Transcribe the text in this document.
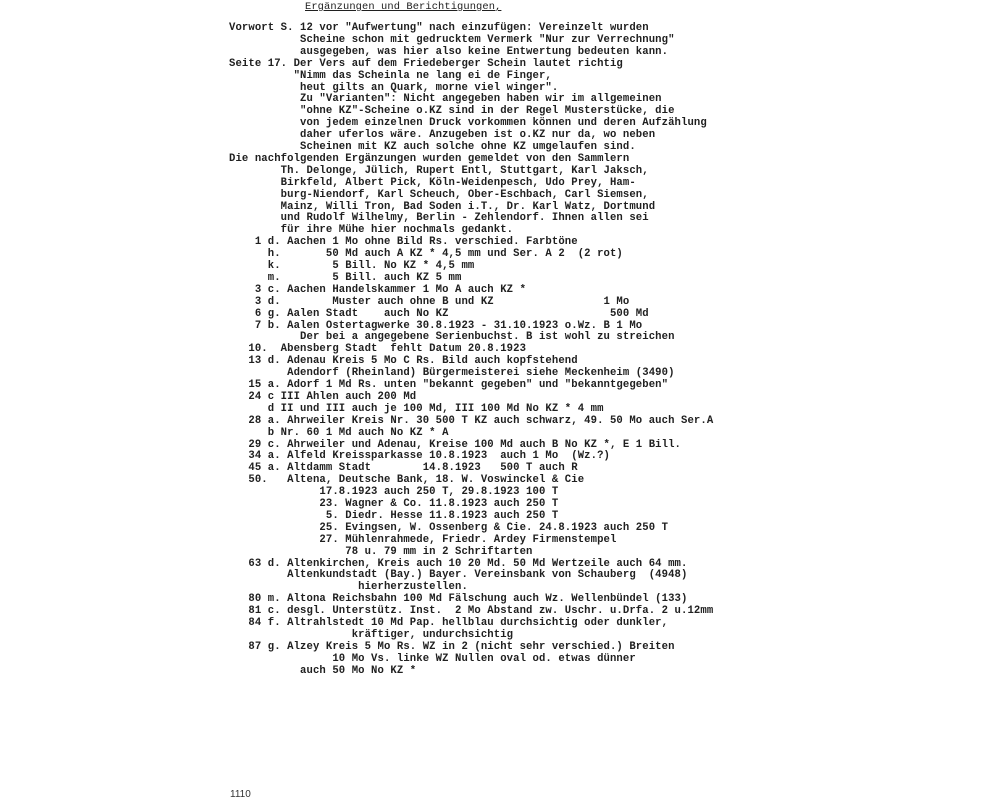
Ergänzungen und Berichtigungen,
Vorwort S. 12 vor "Aufwertung" nach einzufügen: Vereinzelt wurden
Scheine schon mit gedrucktem Vermerk "Nur zur Verrechnung"
ausgegeben, was hier also keine Entwertung bedeuten kann.
Seite 17. Der Vers auf dem Friedeberger Schein lautet richtig
"Nimm das Scheinla ne lang ei de Finger,
heut gilts an Quark, morne viel winger".
Zu "Varianten": Nicht angegeben haben wir im allgemeinen
"ohne KZ"-Scheine o.KZ sind in der Regel Musterstücke, die
von jedem einzelnen Druck vorkommen können und deren Aufzählung
daher uferlos wäre. Anzugeben ist o.KZ nur da, wo neben
Scheinen mit KZ auch solche ohne KZ umgelaufen sind.
Die nachfolgenden Ergänzungen wurden gemeldet von den Sammlern
Th. Delonge, Jülich, Rupert Entl, Stuttgart, Karl Jaksch,
Birkfeld, Albert Pick, Köln-Weidenpesch, Udo Prey, Ham-
burg-Niendorf, Karl Scheuch, Ober-Eschbach, Carl Siemsen,
Mainz, Willi Tron, Bad Soden i.T., Dr. Karl Watz, Dortmund
und Rudolf Wilhelmy, Berlin - Zehlendorf. Ihnen allen sei
für ihre Mühe hier nochmals gedankt.
1 d. Aachen 1 Mo ohne Bild Rs. verschied. Farbtöne
h.       50 Md auch A KZ * 4,5 mm und Ser. A 2  (2 rot)
k.        5 Bill. No KZ * 4,5 mm
m.        5 Bill. auch KZ 5 mm
3 c. Aachen Handelskammer 1 Mo A auch KZ *
3 d.        Muster auch ohne B und KZ                 1 Mo
6 g. Aalen Stadt    auch No KZ                         500 Md
7 b. Aalen Ostertagwerke 30.8.1923 - 31.10.1923 o.Wz. B 1 Mo
Der bei a angegebene Serienbuchst. B ist wohl zu streichen
10.  Abensberg Stadt  fehlt Datum 20.8.1923
13 d. Adenau Kreis 5 Mo C Rs. Bild auch kopfstehend
Adendorf (Rheinland) Bürgermeisterei siehe Meckenheim (3490)
15 a. Adorf 1 Md Rs. unten "bekannt gegeben" und "bekanntgegeben"
24 c III Ahlen auch 200 Md
d II und III auch je 100 Md, III 100 Md No KZ * 4 mm
28 a. Ahrweiler Kreis Nr. 30 500 T KZ auch schwarz, 49. 50 Mo auch Ser.A
b Nr. 60 1 Md auch No KZ * A
29 c. Ahrweiler und Adenau, Kreise 100 Md auch B No KZ *, E 1 Bill.
34 a. Alfeld Kreissparkasse 10.8.1923  auch 1 Mo  (Wz.?)
45 a. Altdamm Stadt        14.8.1923   500 T auch R
50.   Altena, Deutsche Bank, 18. W. Voswinckel & Cie
17.8.1923 auch 250 T, 29.8.1923 100 T
23. Wagner & Co. 11.8.1923 auch 250 T
5. Diedr. Hesse 11.8.1923 auch 250 T
25. Evingsen, W. Ossenberg & Cie. 24.8.1923 auch 250 T
27. Mühlenrahmede, Friedr. Ardey Firmenstempel
78 u. 79 mm in 2 Schriftarten
63 d. Altenkirchen, Kreis auch 10 20 Md. 50 Md Wertzeile auch 64 mm.
Altenkundstadt (Bay.) Bayer. Vereinsbank von Schauberg  (4948)
hierherzustellen.
80 m. Altona Reichsbahn 100 Md Fälschung auch Wz. Wellenbündel (133)
81 c. desgl. Unterstütz. Inst.  2 Mo Abstand zw. Uschr. u.Drfa. 2 u.12mm
84 f. Altrahlstedt 10 Md Pap. hellblau durchsichtig oder dunkler,
kräftiger, undurchsichtig
87 g. Alzey Kreis 5 Mo Rs. WZ in 2 (nicht sehr verschied.) Breiten
10 Mo Vs. linke WZ Nullen oval od. etwas dünner
auch 50 Mo No KZ *
1110
